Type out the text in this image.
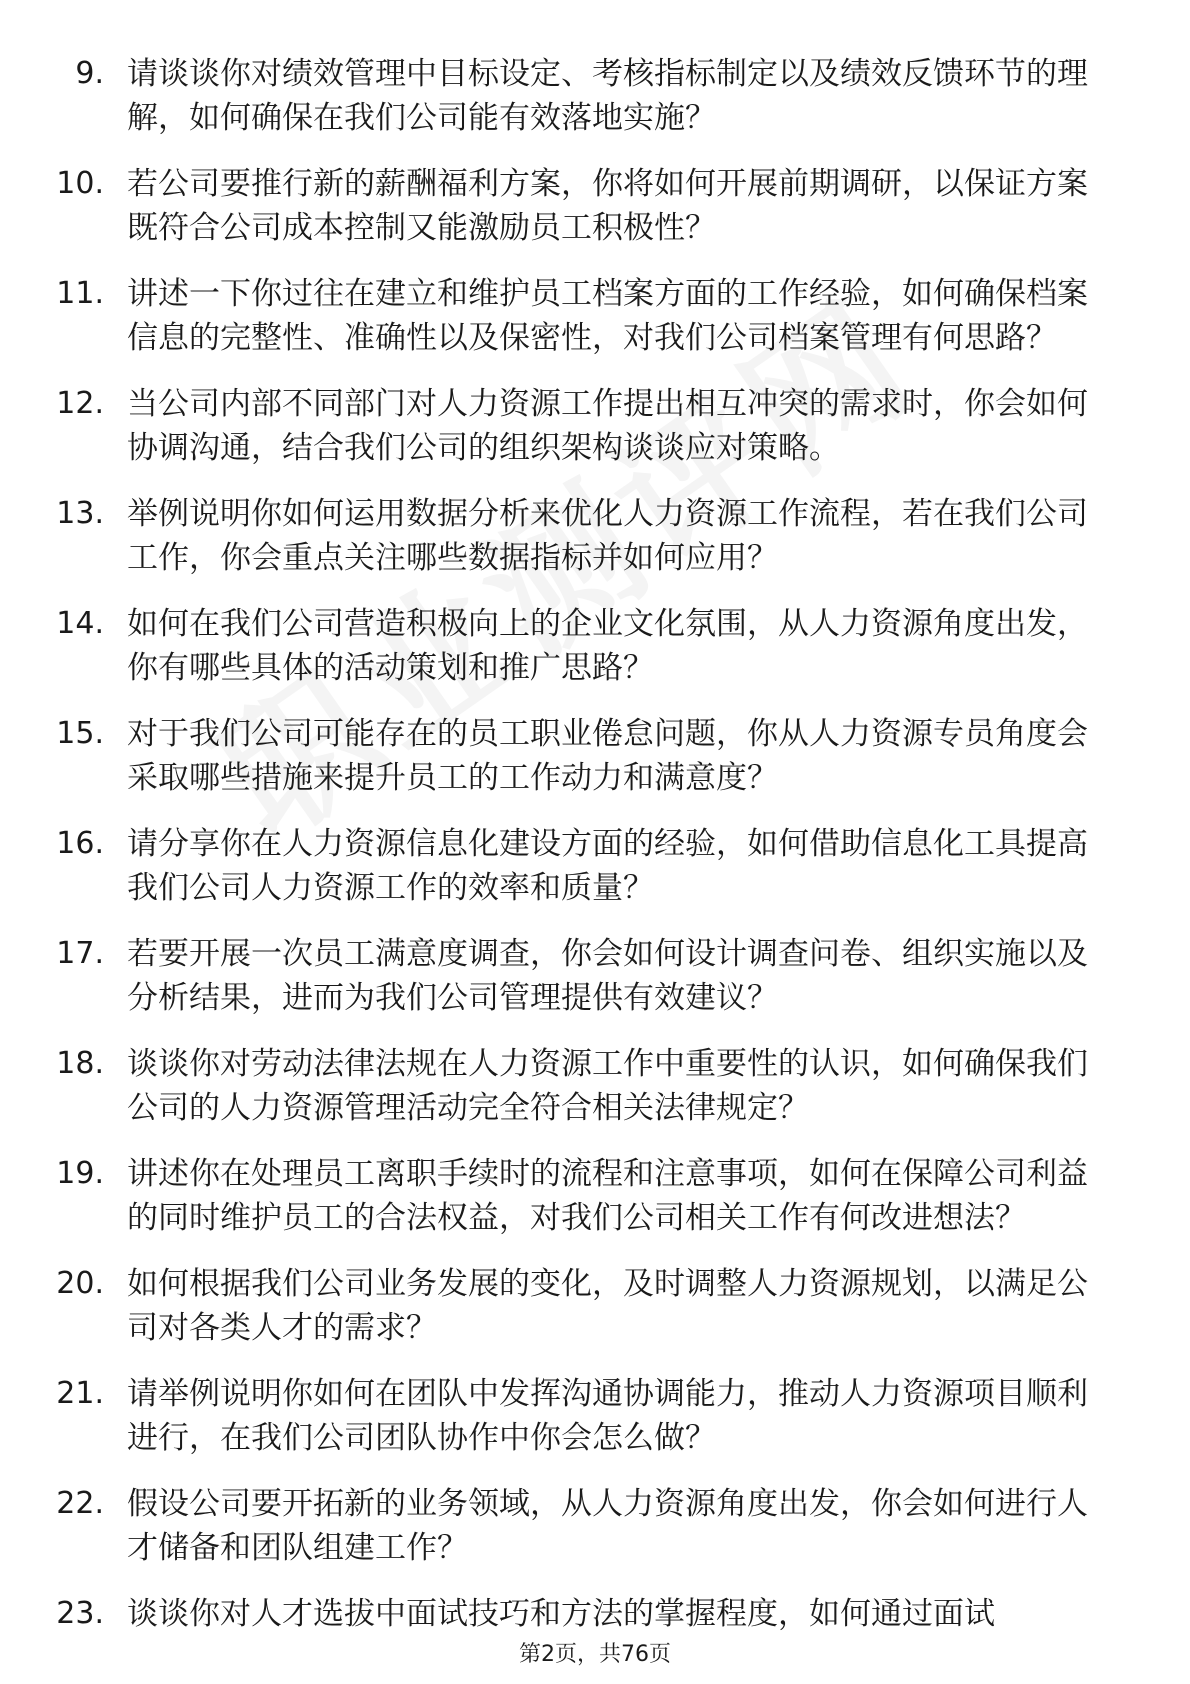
9. 请谈谈你对绩效管理中目标设定、考核指标制定以及绩效反馈环节的理解，如何确保在我们公司能有效落地实施？
10. 若公司要推行新的薪酬福利方案，你将如何开展前期调研，以保证方案既符合公司成本控制又能激励员工积极性？
11. 讲述一下你过往在建立和维护员工档案方面的工作经验，如何确保档案信息的完整性、准确性以及保密性，对我们公司档案管理有何思路？
12. 当公司内部不同部门对人力资源工作提出相互冲突的需求时，你会如何协调沟通，结合我们公司的组织架构谈谈应对策略。
13. 举例说明你如何运用数据分析来优化人力资源工作流程，若在我们公司工作，你会重点关注哪些数据指标并如何应用？
14. 如何在我们公司营造积极向上的企业文化氛围，从人力资源角度出发，你有哪些具体的活动策划和推广思路？
15. 对于我们公司可能存在的员工职业倦怠问题，你从人力资源专员角度会采取哪些措施来提升员工的工作动力和满意度？
16. 请分享你在人力资源信息化建设方面的经验，如何借助信息化工具提高我们公司人力资源工作的效率和质量？
17. 若要开展一次员工满意度调查，你会如何设计调查问卷、组织实施以及分析结果，进而为我们公司管理提供有效建议？
18. 谈谈你对劳动法律法规在人力资源工作中重要性的认识，如何确保我们公司的人力资源管理活动完全符合相关法律规定？
19. 讲述你在处理员工离职手续时的流程和注意事项，如何在保障公司利益的同时维护员工的合法权益，对我们公司相关工作有何改进想法？
20. 如何根据我们公司业务发展的变化，及时调整人力资源规划，以满足公司对各类人才的需求？
21. 请举例说明你如何在团队中发挥沟通协调能力，推动人力资源项目顺利进行，在我们公司团队协作中你会怎么做？
22. 假设公司要开拓新的业务领域，从人力资源角度出发，你会如何进行人才储备和团队组建工作？
23. 谈谈你对人才选拔中面试技巧和方法的掌握程度，如何通过面试
第2页，共76页
